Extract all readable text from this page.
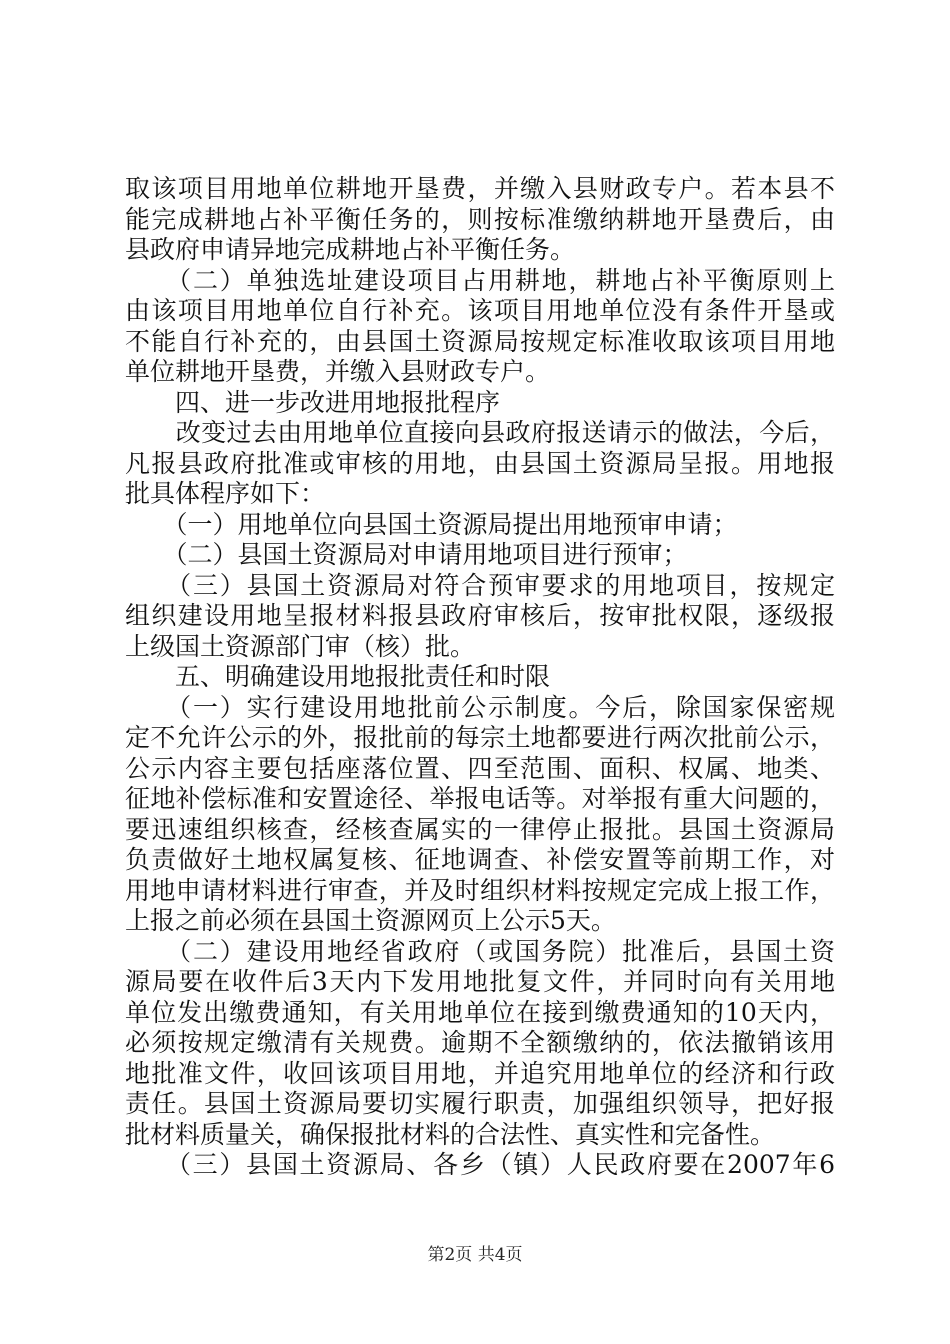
取该项目用地单位耕地开垦费，并缴入县财政专户。若本县不
能完成耕地占补平衡任务的，则按标准缴纳耕地开垦费后，由
县政府申请异地完成耕地占补平衡任务。
　　（二）单独选址建设项目占用耕地，耕地占补平衡原则上
由该项目用地单位自行补充。该项目用地单位没有条件开垦或
不能自行补充的，由县国土资源局按规定标准收取该项目用地
单位耕地开垦费，并缴入县财政专户。
　　四、进一步改进用地报批程序
　　改变过去由用地单位直接向县政府报送请示的做法，今后，
凡报县政府批准或审核的用地，由县国土资源局呈报。用地报
批具体程序如下：
　　（一）用地单位向县国土资源局提出用地预审申请；
　　（二）县国土资源局对申请用地项目进行预审；
　　（三）县国土资源局对符合预审要求的用地项目，按规定
组织建设用地呈报材料报县政府审核后，按审批权限，逐级报
上级国土资源部门审（核）批。
　　五、明确建设用地报批责任和时限
　　（一）实行建设用地批前公示制度。今后，除国家保密规
定不允许公示的外，报批前的每宗土地都要进行两次批前公示，
公示内容主要包括座落位置、四至范围、面积、权属、地类、
征地补偿标准和安置途径、举报电话等。对举报有重大问题的，
要迅速组织核查，经核查属实的一律停止报批。县国土资源局
负责做好土地权属复核、征地调查、补偿安置等前期工作，对
用地申请材料进行审查，并及时组织材料按规定完成上报工作，
上报之前必须在县国土资源网页上公示5天。
　　（二）建设用地经省政府（或国务院）批准后，县国土资
源局要在收件后3天内下发用地批复文件，并同时向有关用地
单位发出缴费通知，有关用地单位在接到缴费通知的10天内，
必须按规定缴清有关规费。逾期不全额缴纳的，依法撤销该用
地批准文件，收回该项目用地，并追究用地单位的经济和行政
责任。县国土资源局要切实履行职责，加强组织领导，把好报
批材料质量关，确保报批材料的合法性、真实性和完备性。
　　（三）县国土资源局、各乡（镇）人民政府要在2007年6
第2页 共4页
